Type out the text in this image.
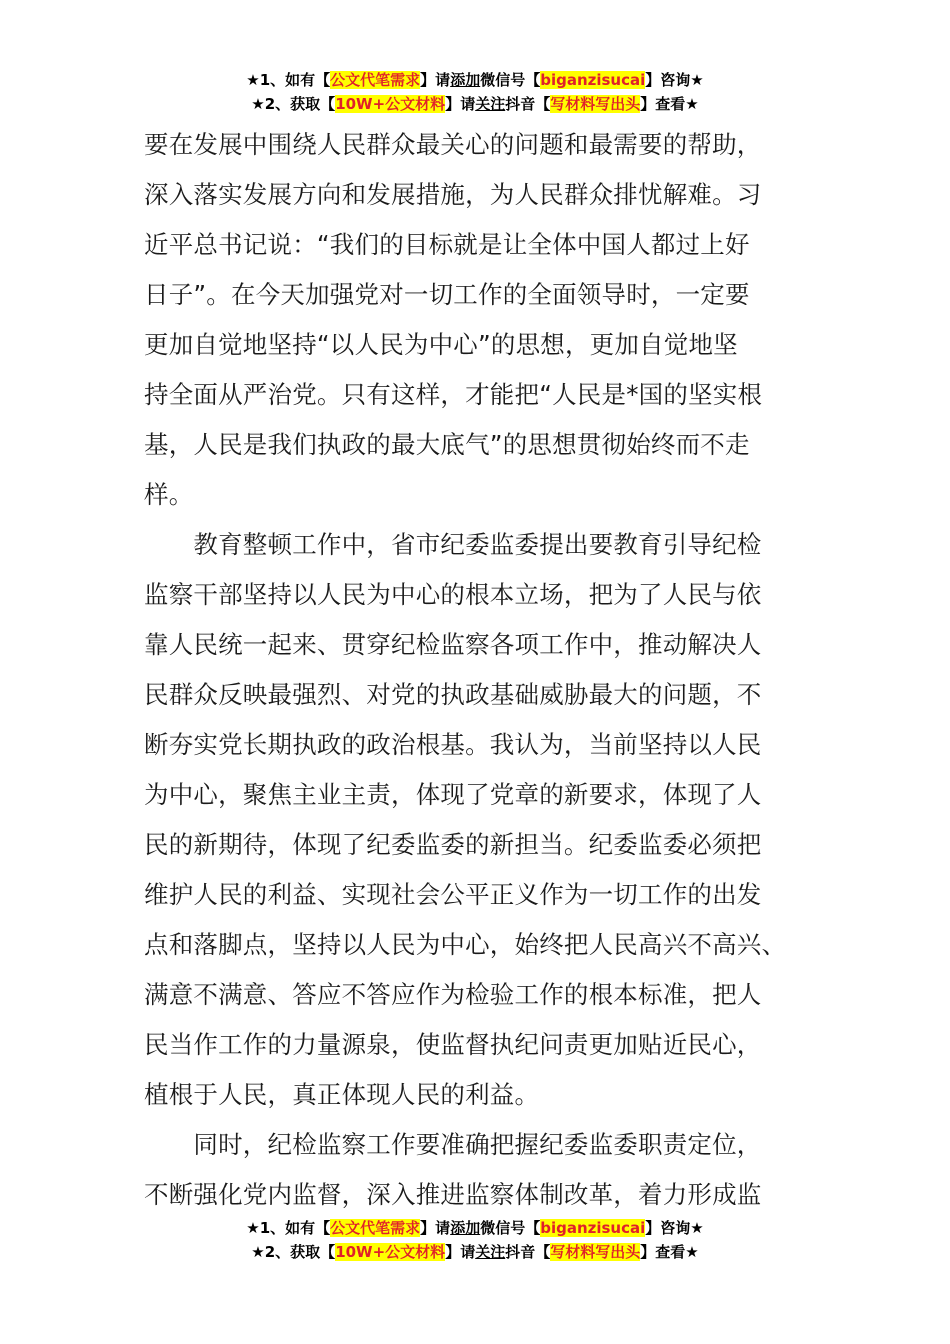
★1、如有【公文代笔需求】请添加微信号【biganzisucai】咨询★
★2、获取【10W+公文材料】请关注抖音【写材料写出头】查看★
要在发展中围绕人民群众最关心的问题和最需要的帮助，
深入落实发展方向和发展措施，为人民群众排忧解难。习
近平总书记说：“我们的目标就是让全体中国人都过上好
日子”。在今天加强党对一切工作的全面领导时，一定要
更加自觉地坚持“以人民为中心”的思想，更加自觉地坚
持全面从严治党。只有这样，才能把“人民是*国的坚实根
基，人民是我们执政的最大底气”的思想贯彻始终而不走
样。
　　教育整顿工作中，省市纪委监委提出要教育引导纪检
监察干部坚持以人民为中心的根本立场，把为了人民与依
靠人民统一起来、贯穿纪检监察各项工作中，推动解决人
民群众反映最强烈、对党的执政基础威胁最大的问题，不
断夯实党长期执政的政治根基。我认为，当前坚持以人民
为中心，聚焦主业主责，体现了党章的新要求，体现了人
民的新期待，体现了纪委监委的新担当。纪委监委必须把
维护人民的利益、实现社会公平正义作为一切工作的出发
点和落脚点，坚持以人民为中心，始终把人民高兴不高兴、
满意不满意、答应不答应作为检验工作的根本标准，把人
民当作工作的力量源泉，使监督执纪问责更加贴近民心，
植根于人民，真正体现人民的利益。
　　同时，纪检监察工作要准确把握纪委监委职责定位，
不断强化党内监督，深入推进监察体制改革，着力形成监
★1、如有【公文代笔需求】请添加微信号【biganzisucai】咨询★
★2、获取【10W+公文材料】请关注抖音【写材料写出头】查看★
